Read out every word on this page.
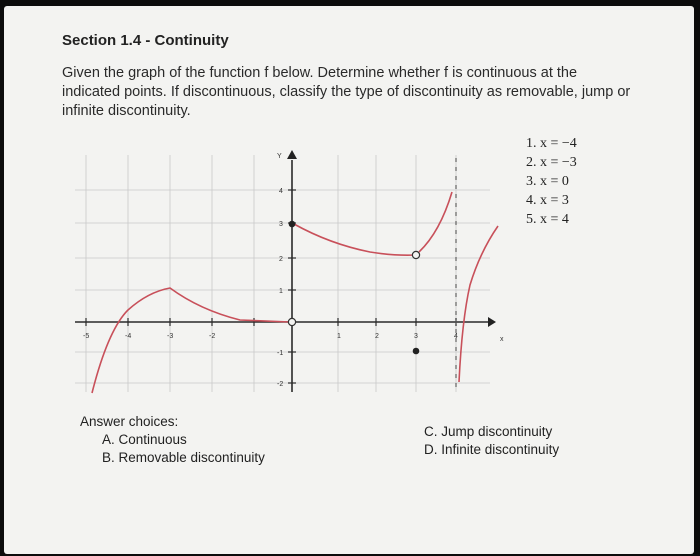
Section 1.4 - Continuity
Given the graph of the function f below. Determine whether f is continuous at the
indicated points. If discontinuous, classify the type of discontinuity as removable, jump or
infinite discontinuity.
x
Y
-5	-4	-3	-2	1	2	3	4
4
3
2
1
-1
-2
1. x = −4
2. x = −3
3. x = 0
4. x = 3
5. x = 4
Answer choices:
A. Continuous
B. Removable discontinuity
C. Jump discontinuity
D. Infinite discontinuity
